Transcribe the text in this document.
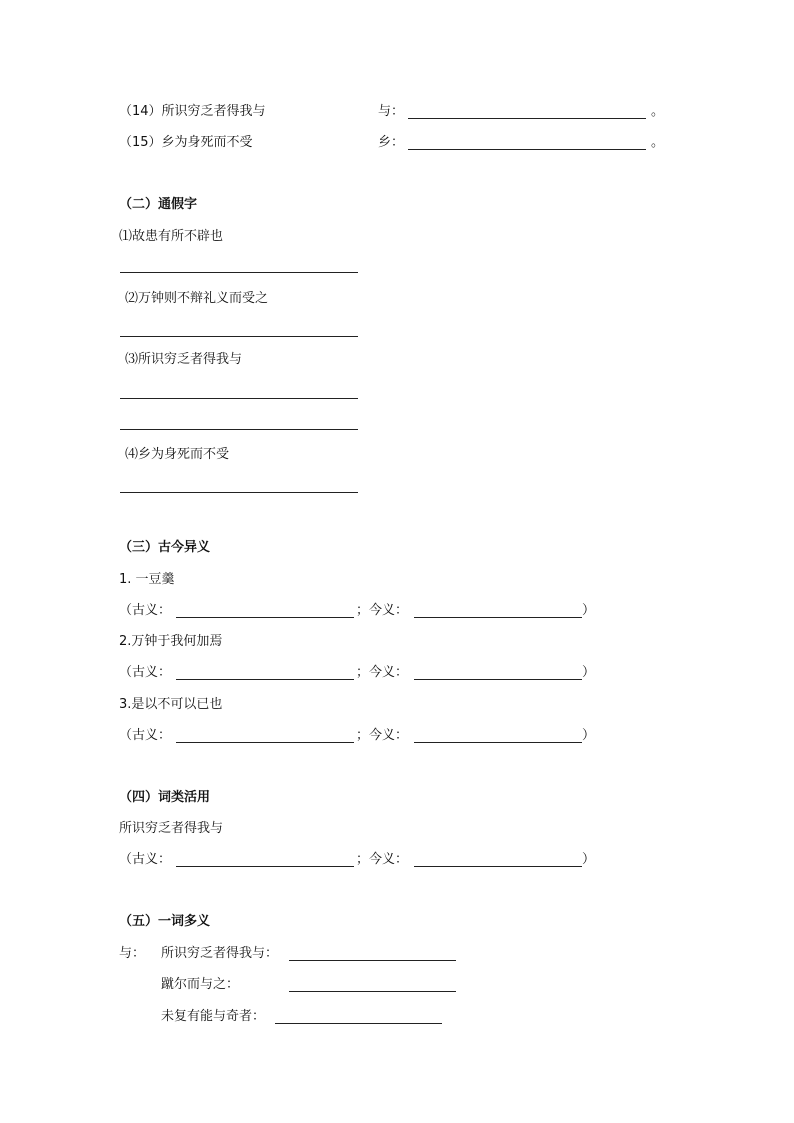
（14）所识穷乏者得我与	与：	。
（15）乡为身死而不受	乡：	。
（二）通假字
⑴故患有所不辟也
⑵万钟则不辩礼义而受之
⑶所识穷乏者得我与
⑷乡为身死而不受
（三）古今异义
1. 一豆羹
（古义：	；今义：	）
2.万钟于我何加焉
（古义：	；今义：	）
3.是以不可以已也
（古义：	；今义：	）
（四）词类活用
所识穷乏者得我与
（古义：	；今义：	）
（五）一词多义
与： 所识穷乏者得我与：
蹴尔而与之：
未复有能与奇者：
